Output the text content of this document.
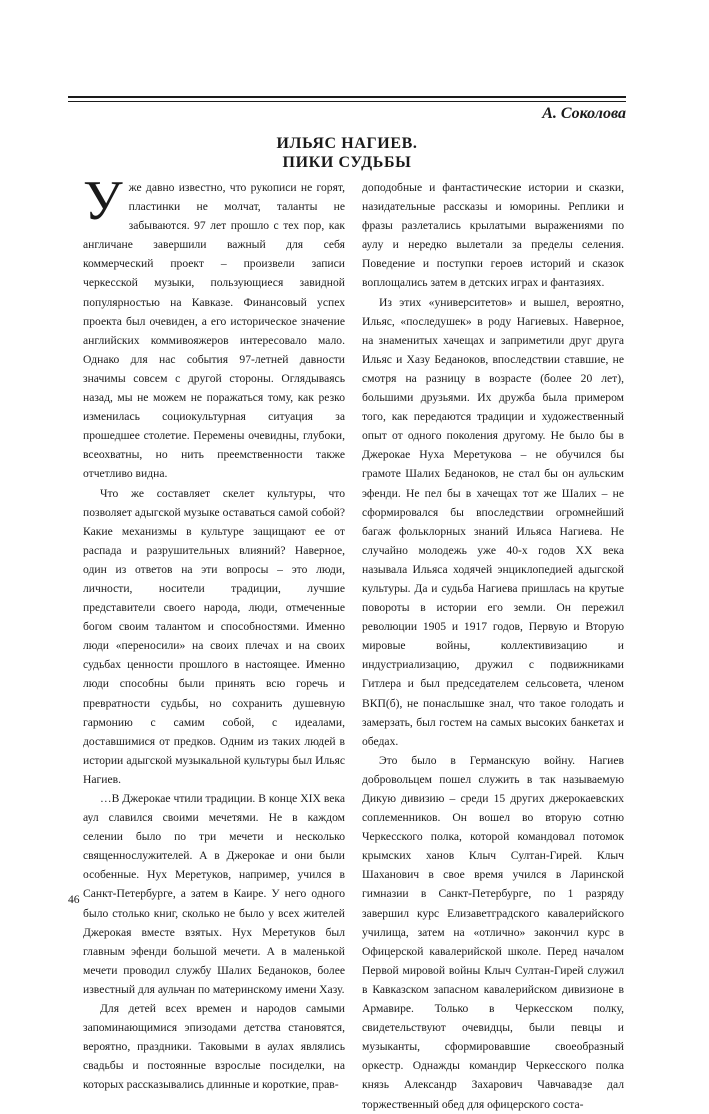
А. Соколова
ИЛЬЯС НАГИЕВ.
ПИКИ СУДЬБЫ

Уже давно известно, что рукописи не горят, пластинки не молчат, таланты не забываются. 97 лет прошло с тех пор, как англичане завершили важный для себя коммерческий проект – произвели записи черкесской музыки, пользующиеся завидной популярностью на Кавказе. Финансовый успех проекта был очевиден, а его историческое значение английских коммивояжеров интересовало мало. Однако для нас события 97-летней давности значимы совсем с другой стороны. Оглядываясь назад, мы не можем не поражаться тому, как резко изменилась социокультурная ситуация за прошедшее столетие. Перемены очевидны, глубоки, всеохватны, но нить преемственности также отчетливо видна.

Что же составляет скелет культуры, что позволяет адыгской музыке оставаться самой собой? Какие механизмы в культуре защищают ее от распада и разрушительных влияний? Наверное, один из ответов на эти вопросы – это люди, личности, носители традиции, лучшие представители своего народа, люди, отмеченные богом своим талантом и способностями. Именно люди «переносили» на своих плечах и на своих судьбах ценности прошлого в настоящее. Именно люди способны были принять всю горечь и превратности судьбы, но сохранить душевную гармонию с самим собой, с идеалами, доставшимися от предков. Одним из таких людей в истории адыгской музыкальной культуры был Ильяс Нагиев.

…В Джерокае чтили традиции. В конце XIX века аул славился своими мечетями. Не в каждом селении было по три мечети и несколько священнослужителей. А в Джерокае и они были особенные. Нух Меретуков, например, учился в Санкт-Петербурге, а затем в Каире. У него одного было столько книг, сколько не было у всех жителей Джерокая вместе взятых. Нух Меретуков был главным эфенди большой мечети. А в маленькой мечети проводил службу Шалих Беданоков, более известный для аульчан по материнскому имени Хазу.

Для детей всех времен и народов самыми запоминающимися эпизодами детства становятся, вероятно, праздники. Таковыми в аулах являлись свадьбы и постоянные взрослые посиделки, на которых рассказывались длинные и короткие, прав-

доподобные и фантастические истории и сказки, назидательные рассказы и юморины. Реплики и фразы разлетались крылатыми выражениями по аулу и нередко вылетали за пределы селения. Поведение и поступки героев историй и сказок воплощались затем в детских играх и фантазиях.

Из этих «университетов» и вышел, вероятно, Ильяс, «последушек» в роду Нагиевых. Наверное, на знаменитых хачещах и заприметили друг друга Ильяс и Хазу Беданоков, впоследствии ставшие, не смотря на разницу в возрасте (более 20 лет), большими друзьями. Их дружба была примером того, как передаются традиции и художественный опыт от одного поколения другому. Не было бы в Джерокае Нуха Меретукова – не обучился бы грамоте Шалих Беданоков, не стал бы он аульским эфенди. Не пел бы в хачещах тот же Шалих – не сформировался бы впоследствии огромнейший багаж фольклорных знаний Ильяса Нагиева. Не случайно молодежь уже 40-х годов XX века называла Ильяса ходячей энциклопедией адыгской культуры. Да и судьба Нагиева пришлась на крутые повороты в истории его земли. Он пережил революции 1905 и 1917 годов, Первую и Вторую мировые войны, коллективизацию и индустриализацию, дружил с подвижниками Гитлера и был председателем сельсовета, членом ВКП(б), не понаслышке знал, что такое голодать и замерзать, был гостем на самых высоких банкетах и обедах.

Это было в Германскую войну. Нагиев добровольцем пошел служить в так называемую Дикую дивизию – среди 15 других джерокаевских соплеменников. Он вошел во вторую сотню Черкесского полка, которой командовал потомок крымских ханов Клыч Султан-Гирей. Клыч Шаханович в свое время учился в Ларинской гимназии в Санкт-Петербурге, по 1 разряду завершил курс Елизаветградского кавалерийского училища, затем на «отлично» закончил курс в Офицерской кавалерийской школе. Перед началом Первой мировой войны Клыч Султан-Гирей служил в Кавказском запасном кавалерийском дивизионе в Армавире. Только в Черкесском полку, свидетельствуют очевидцы, были певцы и музыканты, сформировавшие своеобразный оркестр. Однажды командир Черкесского полка князь Александр Захарович Чавчавадзе дал торжественный обед для офицерского соста-

46
